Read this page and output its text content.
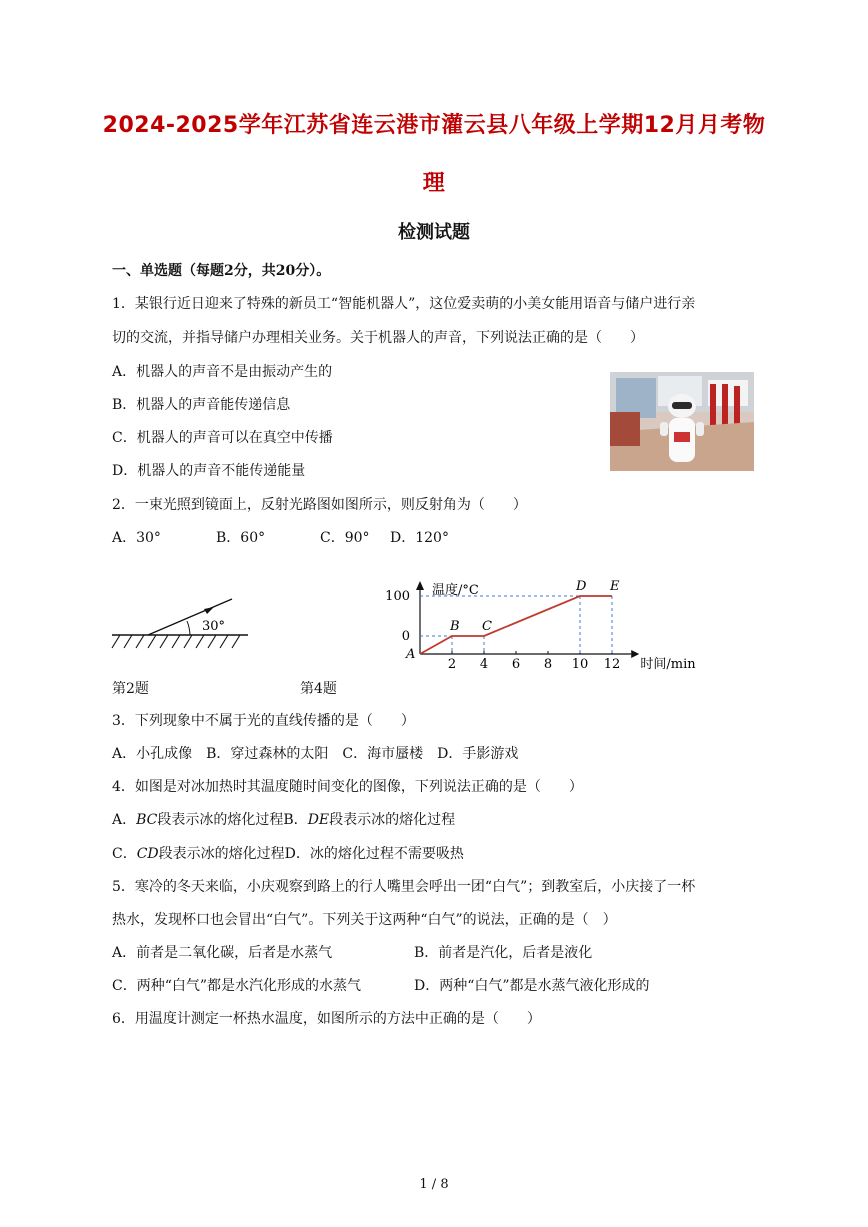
2024-2025学年江苏省连云港市灌云县八年级上学期12月月考物
理
检测试题
一、单选题（每题2分，共20分）。
1．某银行近日迎来了特殊的新员工“智能机器人”，这位爱卖萌的小美女能用语音与储户进行亲
切的交流，并指导储户办理相关业务。关于机器人的声音，下列说法正确的是（　　）
A．机器人的声音不是由振动产生的
B．机器人的声音能传递信息
C．机器人的声音可以在真空中传播
D．机器人的声音不能传递能量
2．一束光照到镜面上，反射光路图如图所示，则反射角为（　　）
A．30°	B．60°	C．90° D．120°
30°
温度/°C
时间/min
100
0
2 4 6 8 10 12
A
B C
D E
第2题	第4题
3．下列现象中不属于光的直线传播的是（　　）
A．小孔成像　B．穿过森林的太阳　C．海市蜃楼　D．手影游戏
4．如图是对冰加热时其温度随时间变化的图像，下列说法正确的是（　　）
A．BC段表示冰的熔化过程B．DE段表示冰的熔化过程
C．CD段表示冰的熔化过程D．冰的熔化过程不需要吸热
5．寒冷的冬天来临，小庆观察到路上的行人嘴里会呼出一团“白气”；到教室后，小庆接了一杯
热水，发现杯口也会冒出“白气”。下列关于这两种“白气”的说法，正确的是（　）
A．前者是二氧化碳，后者是水蒸气	B．前者是汽化，后者是液化
C．两种“白气”都是水汽化形成的水蒸气	D．两种“白气”都是水蒸气液化形成的
6．用温度计测定一杯热水温度，如图所示的方法中正确的是（　　）
1 / 8
